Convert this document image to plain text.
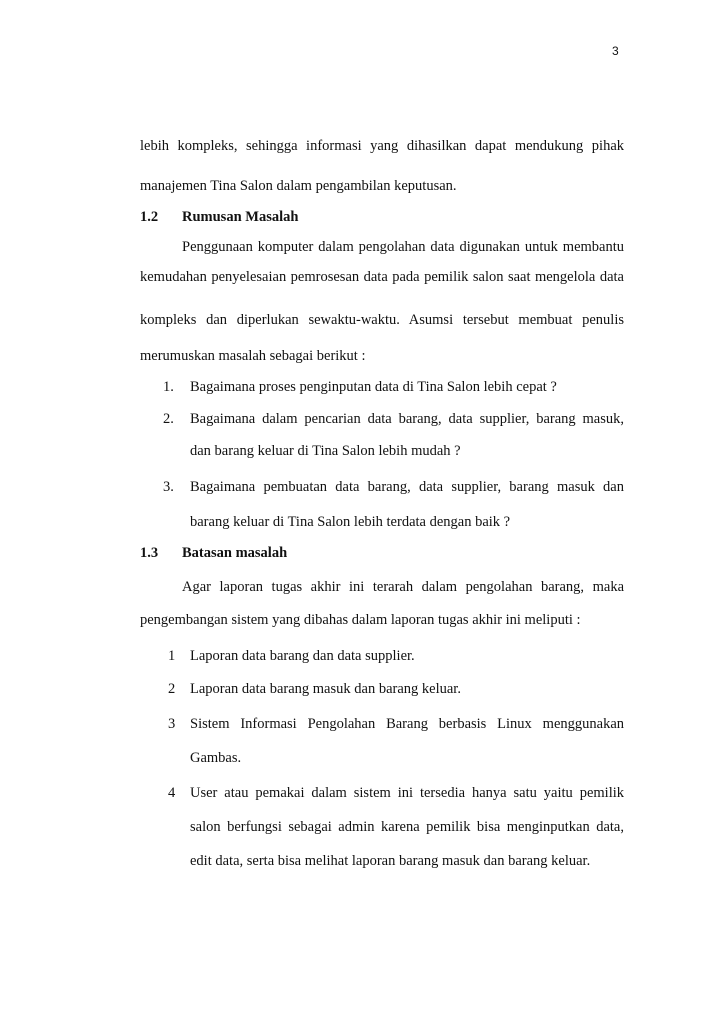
3
lebih kompleks, sehingga informasi yang dihasilkan dapat mendukung pihak
manajemen Tina Salon dalam pengambilan keputusan.
1.2 Rumusan Masalah
Penggunaan komputer dalam pengolahan data digunakan untuk membantu
kemudahan penyelesaian pemrosesan data pada pemilik salon saat mengelola data
kompleks dan diperlukan sewaktu-waktu. Asumsi tersebut membuat penulis
merumuskan masalah sebagai berikut :
1. Bagaimana proses penginputan data di Tina Salon lebih cepat ?
2. Bagaimana dalam pencarian data barang, data supplier, barang masuk,
dan barang keluar di Tina Salon lebih mudah ?
3. Bagaimana pembuatan data barang, data supplier, barang masuk dan
barang keluar di Tina Salon lebih terdata dengan baik ?
1.3 Batasan masalah
Agar laporan tugas akhir ini terarah dalam pengolahan barang, maka
pengembangan sistem yang dibahas dalam laporan tugas akhir ini meliputi :
1 Laporan data barang dan data supplier.
2 Laporan data barang masuk dan barang keluar.
3 Sistem Informasi Pengolahan Barang berbasis Linux menggunakan
Gambas.
4 User atau pemakai dalam sistem ini tersedia hanya satu yaitu pemilik
salon berfungsi sebagai admin karena pemilik bisa menginputkan data,
edit data, serta bisa melihat laporan barang masuk dan barang keluar.
